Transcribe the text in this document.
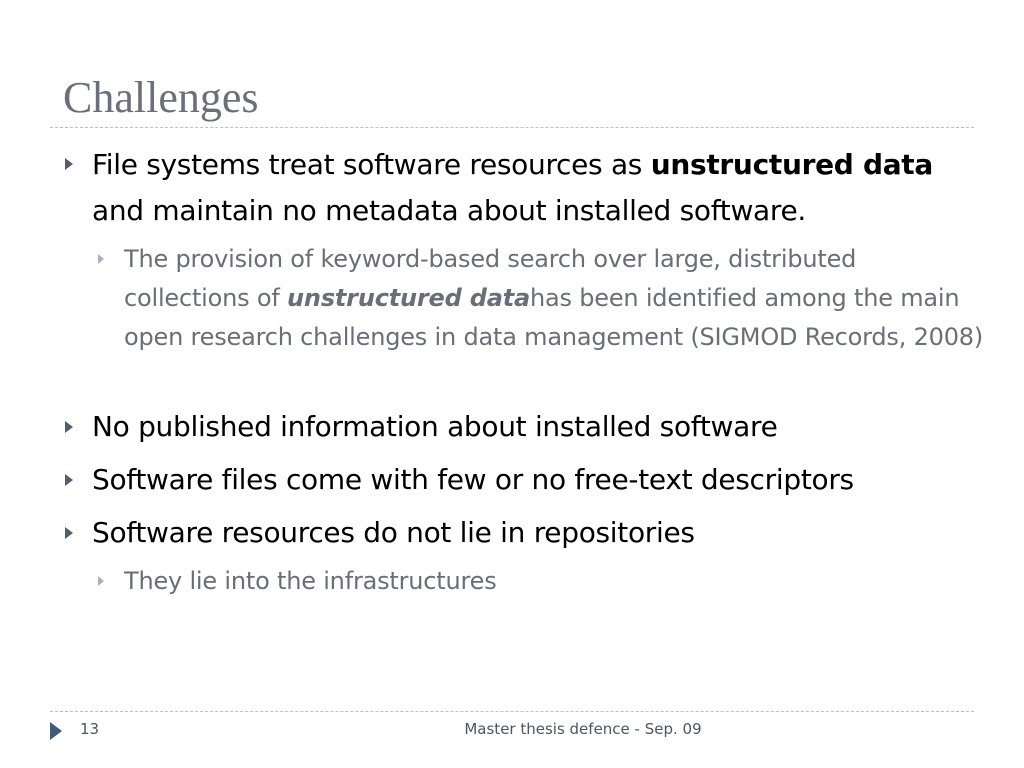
Challenges
File systems treat software resources as unstructured data and maintain no metadata about installed software.
The provision of keyword-based search over large, distributed collections of unstructured datahas been identified among the main open research challenges in data management (SIGMOD Records, 2008)
No published information about installed software
Software files come with few or no free-text descriptors
Software resources do not lie in repositories
They lie into the infrastructures
13	Master thesis defence - Sep. 09
